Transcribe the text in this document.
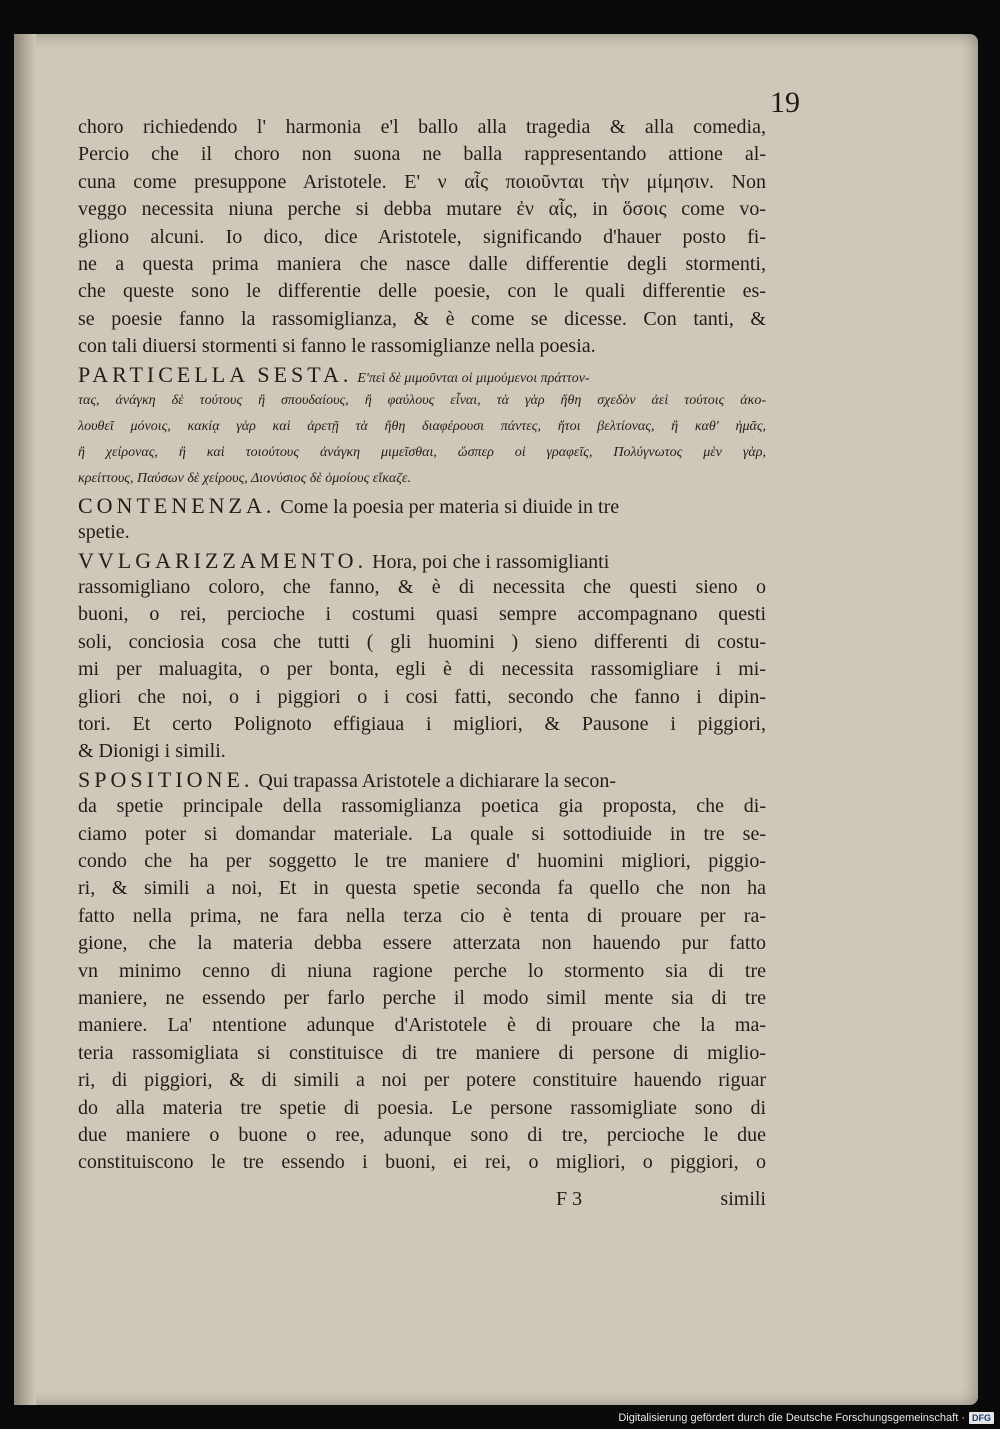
19
choro richiedendo l' harmonia e'l ballo alla tragedia & alla comedia,
Percio che il choro non suona ne balla rappresentando attione al-
cuna come presuppone Aristotele. E' ν αἷς ποιοῦνται τὴν μίμησιν. Non
veggo necessita niuna perche si debba mutare ἐν αἷς, in ὅσοις come vo-
gliono alcuni. Io dico, dice Aristotele, significando d'hauer posto fi-
ne a questa prima maniera che nasce dalle differentie degli stormenti,
che queste sono le differentie delle poesie, con le quali differentie es-
se poesie fanno la rassomiglianza, & è come se dicesse. Con tanti, &
con tali diuersi stormenti si fanno le rassomiglianze nella poesia.
PARTICELLA SESTA. E'πεὶ δὲ μιμοῦνται οἱ μιμούμενοι πράττον-
τας, ἀνάγκη δὲ τούτους ἢ σπουδαίους, ἢ φαύλους εἶναι, τὰ γὰρ ἤθη σχεδὸν ἀεὶ τούτοις ἀκο-
λουθεῖ μόνοις, κακίᾳ γὰρ καὶ ἀρετῇ τὰ ἤθη διαφέρουσι πάντες, ἤτοι βελτίονας, ἢ καθ' ἡμᾶς,
ἢ χείρονας, ἢ καὶ τοιούτους ἀνάγκη μιμεῖσθαι, ὥσπερ οἱ γραφεῖς, Πολύγνωτος μὲν γὰρ,
κρείττους, Παύσων δὲ χείρους, Διονύσιος δὲ ὁμοίους εἴκαζε.
CONTENENZA. Come la poesia per materia si diuide in tre
spetie.
VVLGARIZZAMENTO. Hora, poi che i rassomiglianti
rassomigliano coloro, che fanno, & è di necessita che questi sieno o
buoni, o rei, percioche i costumi quasi sempre accompagnano questi
soli, conciosia cosa che tutti ( gli huomini ) sieno differenti di costu-
mi per maluagita, o per bonta, egli è di necessita rassomigliare i mi-
gliori che noi, o i piggiori o i cosi fatti, secondo che fanno i dipin-
tori. Et certo Polignoto effigiaua i migliori, & Pausone i piggiori,
& Dionigi i simili.
SPOSITIONE. Qui trapassa Aristotele a dichiarare la secon-
da spetie principale della rassomiglianza poetica gia proposta, che di-
ciamo poter si domandar materiale. La quale si sottodiuide in tre se-
condo che ha per soggetto le tre maniere d' huomini migliori, piggio-
ri, & simili a noi, Et in questa spetie seconda fa quello che non ha
fatto nella prima, ne fara nella terza cio è tenta di prouare per ra-
gione, che la materia debba essere atterzata non hauendo pur fatto
vn minimo cenno di niuna ragione perche lo stormento sia di tre
maniere, ne essendo per farlo perche il modo simil mente sia di tre
maniere. La' ntentione adunque d'Aristotele è di prouare che la ma-
teria rassomigliata si constituisce di tre maniere di persone di miglio-
ri, di piggiori, & di simili a noi per potere constituire hauendo riguar
do alla materia tre spetie di poesia. Le persone rassomigliate sono di
due maniere o buone o ree, adunque sono di tre, percioche le due
constituiscono le tre essendo i buoni, ei rei, o migliori, o piggiori, o
F 3	simili
Digitalisierung gefördert durch die Deutsche Forschungsgemeinschaft · DFG
